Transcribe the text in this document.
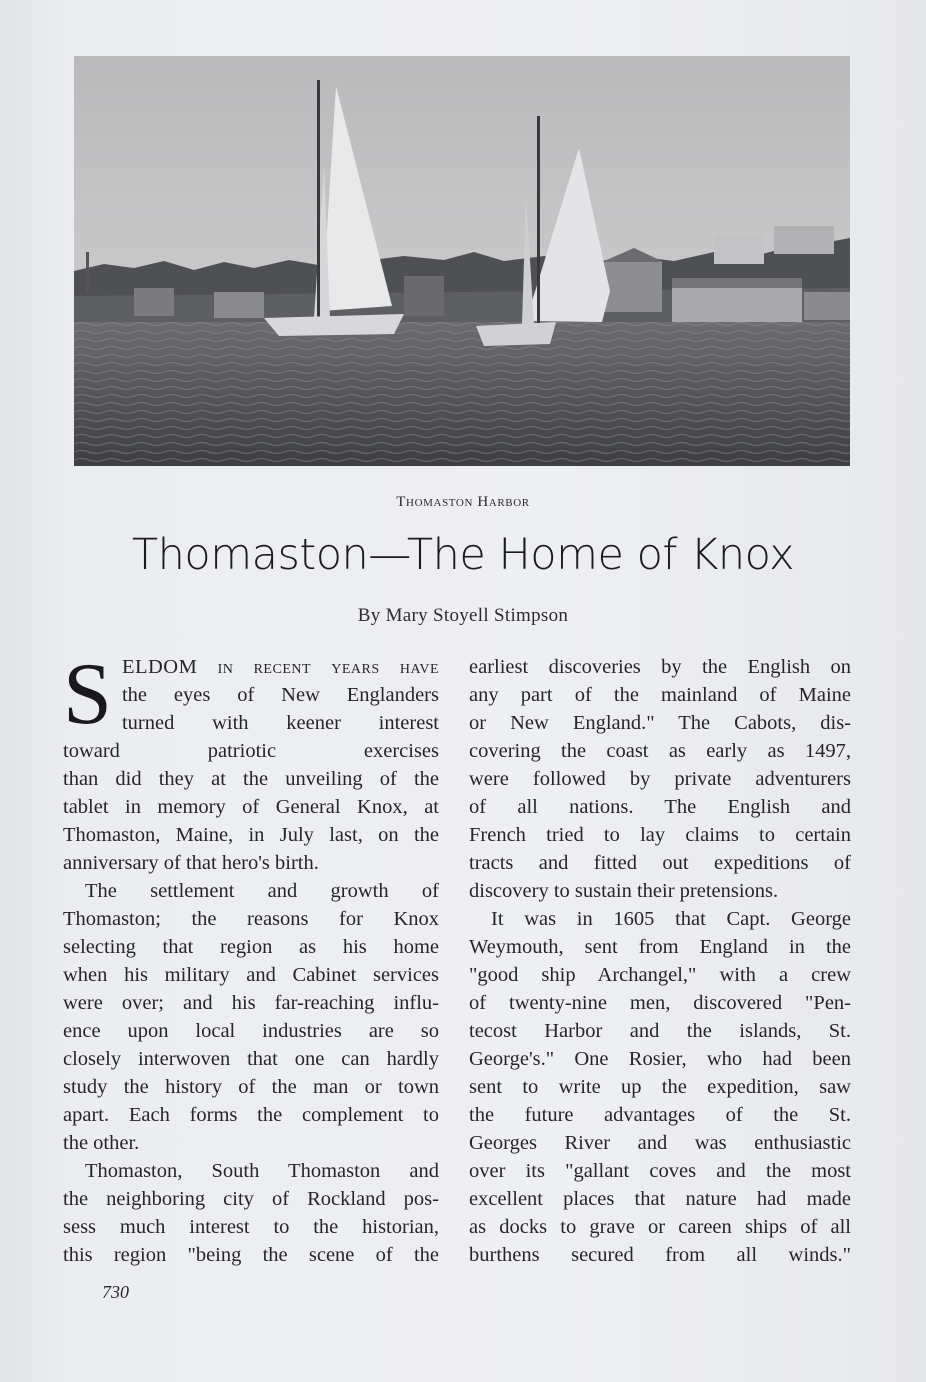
Thomaston Harbor
Thomaston—The Home of Knox
By Mary Stoyell Stimpson

S ELDOM in recent years have
the eyes of New Englanders
turned with keener interest
toward patriotic exercises
than did they at the unveiling of the
tablet in memory of General Knox, at
Thomaston, Maine, in July last, on the
anniversary of that hero's birth.

The settlement and growth of
Thomaston; the reasons for Knox
selecting that region as his home
when his military and Cabinet services
were over; and his far-reaching influ-
ence upon local industries are so
closely interwoven that one can hardly
study the history of the man or town
apart. Each forms the complement to
the other.

Thomaston, South Thomaston and
the neighboring city of Rockland pos-
sess much interest to the historian,
this region "being the scene of the

earliest discoveries by the English on
any part of the mainland of Maine
or New England." The Cabots, dis-
covering the coast as early as 1497,
were followed by private adventurers
of all nations. The English and
French tried to lay claims to certain
tracts and fitted out expeditions of
discovery to sustain their pretensions.

It was in 1605 that Capt. George
Weymouth, sent from England in the
"good ship Archangel," with a crew
of twenty-nine men, discovered "Pen-
tecost Harbor and the islands, St.
George's." One Rosier, who had been
sent to write up the expedition, saw
the future advantages of the St.
Georges River and was enthusiastic
over its "gallant coves and the most
excellent places that nature had made
as docks to grave or careen ships of all
burthens secured from all winds."

730
